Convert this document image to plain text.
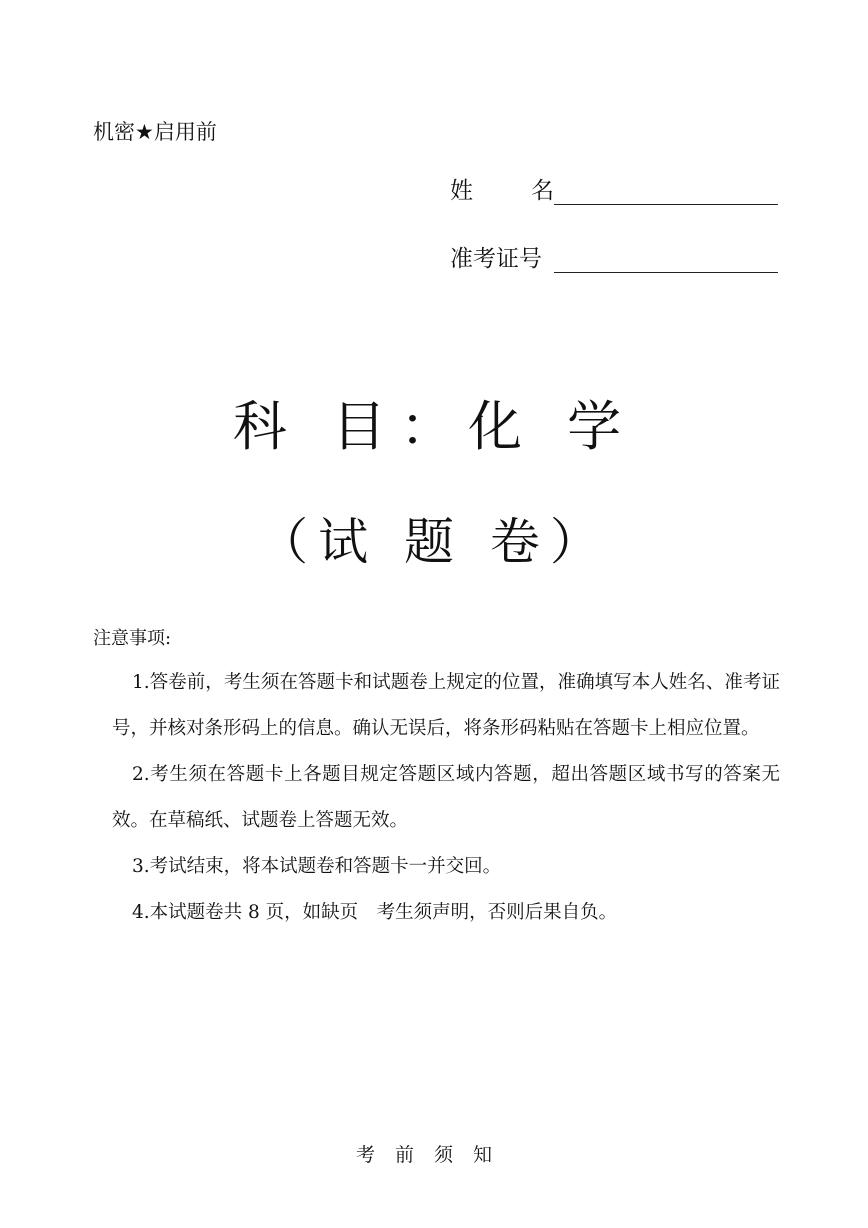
机密★启用前
姓	名
准考证号
科 目：化 学
（试 题 卷）
注意事项:

1.答卷前，考生须在答题卡和试题卷上规定的位置，准确填写本人姓名、准考证号，并核对条形码上的信息。确认无误后，将条形码粘贴在答题卡上相应位置。

2.考生须在答题卡上各题目规定答题区域内答题，超出答题区域书写的答案无效。在草稿纸、试题卷上答题无效。

3.考试结束，将本试题卷和答题卡一并交回。

4.本试题卷共 8 页，如缺页　考生须声明，否则后果自负。

考前须知
